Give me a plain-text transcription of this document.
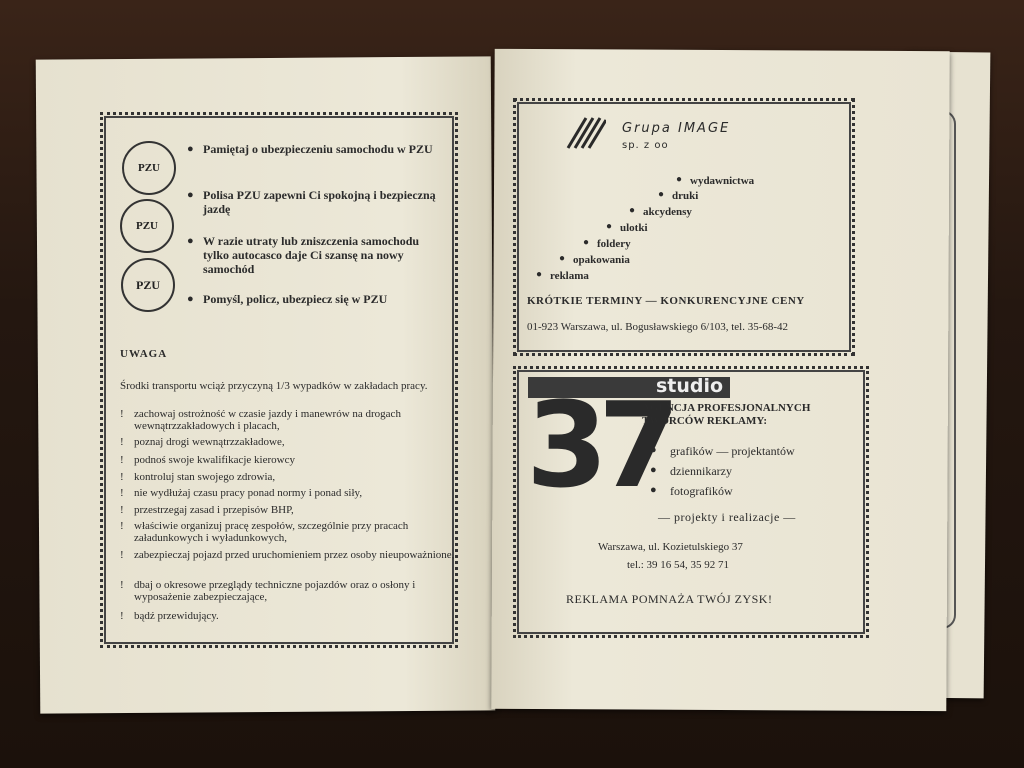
PZU
PZU
PZU
● Pamiętaj o ubezpieczeniu samochodu w PZU
● Polisa PZU zapewni Ci spokojną i bezpieczną jazdę
● W razie utraty lub zniszczenia samochodu tylko autocasco daje Ci szansę na nowy samochód
● Pomyśl, policz, ubezpiecz się w PZU
UWAGA
Środki transportu wciąż przyczyną 1/3 wypadków w zakładach pracy.
! zachowaj ostrożność w czasie jazdy i manewrów na drogach wewnątrzzakładowych i placach,
! poznaj drogi wewnątrzzakładowe,
! podnoś swoje kwalifikacje kierowcy
! kontroluj stan swojego zdrowia,
! nie wydłużaj czasu pracy ponad normy i ponad siły,
! przestrzegaj zasad i przepisów BHP,
! właściwie organizuj pracę zespołów, szczególnie przy pracach załadunkowych i wyładunkowych,
! zabezpieczaj pojazd przed uruchomieniem przez osoby nieupoważnione,
! dbaj o okresowe przeglądy techniczne pojazdów oraz o osłony i wyposażenie zabezpieczające,
! bądź przewidujący.
Grupa IMAGE
sp. z oo
● wydawnictwa
● druki
● akcydensy
● ulotki
● foldery
● opakowania
● reklama
KRÓTKIE TERMINY — KONKURENCYJNE CENY
01-923 Warszawa, ul. Bogusławskiego 6/103, tel. 35-68-42
studio
37
AGENCJA PROFESJONALNYCH TWÓRCÓW REKLAMY:
● grafików — projektantów
● dziennikarzy
● fotografików
— projekty i realizacje —
Warszawa, ul. Kozietulskiego 37
tel.: 39 16 54, 35 92 71
REKLAMA POMNAŻA TWÓJ ZYSK!
